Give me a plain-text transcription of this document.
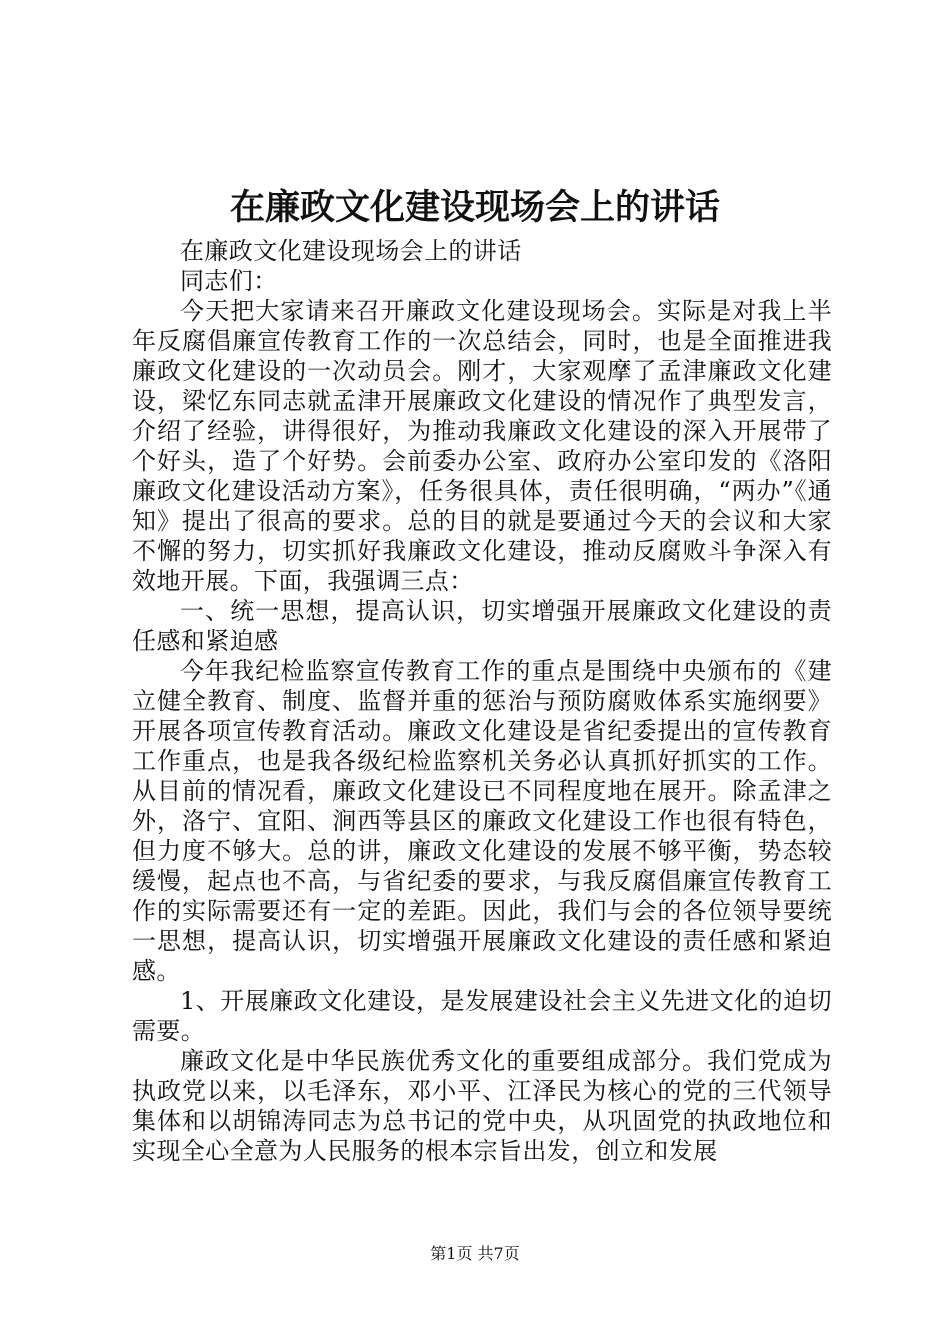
在廉政文化建设现场会上的讲话

在廉政文化建设现场会上的讲话

同志们：

今天把大家请来召开廉政文化建设现场会。实际是对我上半年反腐倡廉宣传教育工作的一次总结会，同时，也是全面推进我廉政文化建设的一次动员会。刚才，大家观摩了孟津廉政文化建设，梁忆东同志就孟津开展廉政文化建设的情况作了典型发言，介绍了经验，讲得很好，为推动我廉政文化建设的深入开展带了个好头，造了个好势。会前委办公室、政府办公室印发的《洛阳廉政文化建设活动方案》，任务很具体，责任很明确，“两办”《通知》提出了很高的要求。总的目的就是要通过今天的会议和大家不懈的努力，切实抓好我廉政文化建设，推动反腐败斗争深入有效地开展。下面，我强调三点：

一、统一思想，提高认识，切实增强开展廉政文化建设的责任感和紧迫感

今年我纪检监察宣传教育工作的重点是围绕中央颁布的《建立健全教育、制度、监督并重的惩治与预防腐败体系实施纲要》开展各项宣传教育活动。廉政文化建设是省纪委提出的宣传教育工作重点，也是我各级纪检监察机关务必认真抓好抓实的工作。从目前的情况看，廉政文化建设已不同程度地在展开。除孟津之外，洛宁、宜阳、涧西等县区的廉政文化建设工作也很有特色，但力度不够大。总的讲，廉政文化建设的发展不够平衡，势态较缓慢，起点也不高，与省纪委的要求，与我反腐倡廉宣传教育工作的实际需要还有一定的差距。因此，我们与会的各位领导要统一思想，提高认识，切实增强开展廉政文化建设的责任感和紧迫感。

1、开展廉政文化建设，是发展建设社会主义先进文化的迫切需要。

廉政文化是中华民族优秀文化的重要组成部分。我们党成为执政党以来，以毛泽东，邓小平、江泽民为核心的党的三代领导集体和以胡锦涛同志为总书记的党中央，从巩固党的执政地位和实现全心全意为人民服务的根本宗旨出发，创立和发展

第1页 共7页
